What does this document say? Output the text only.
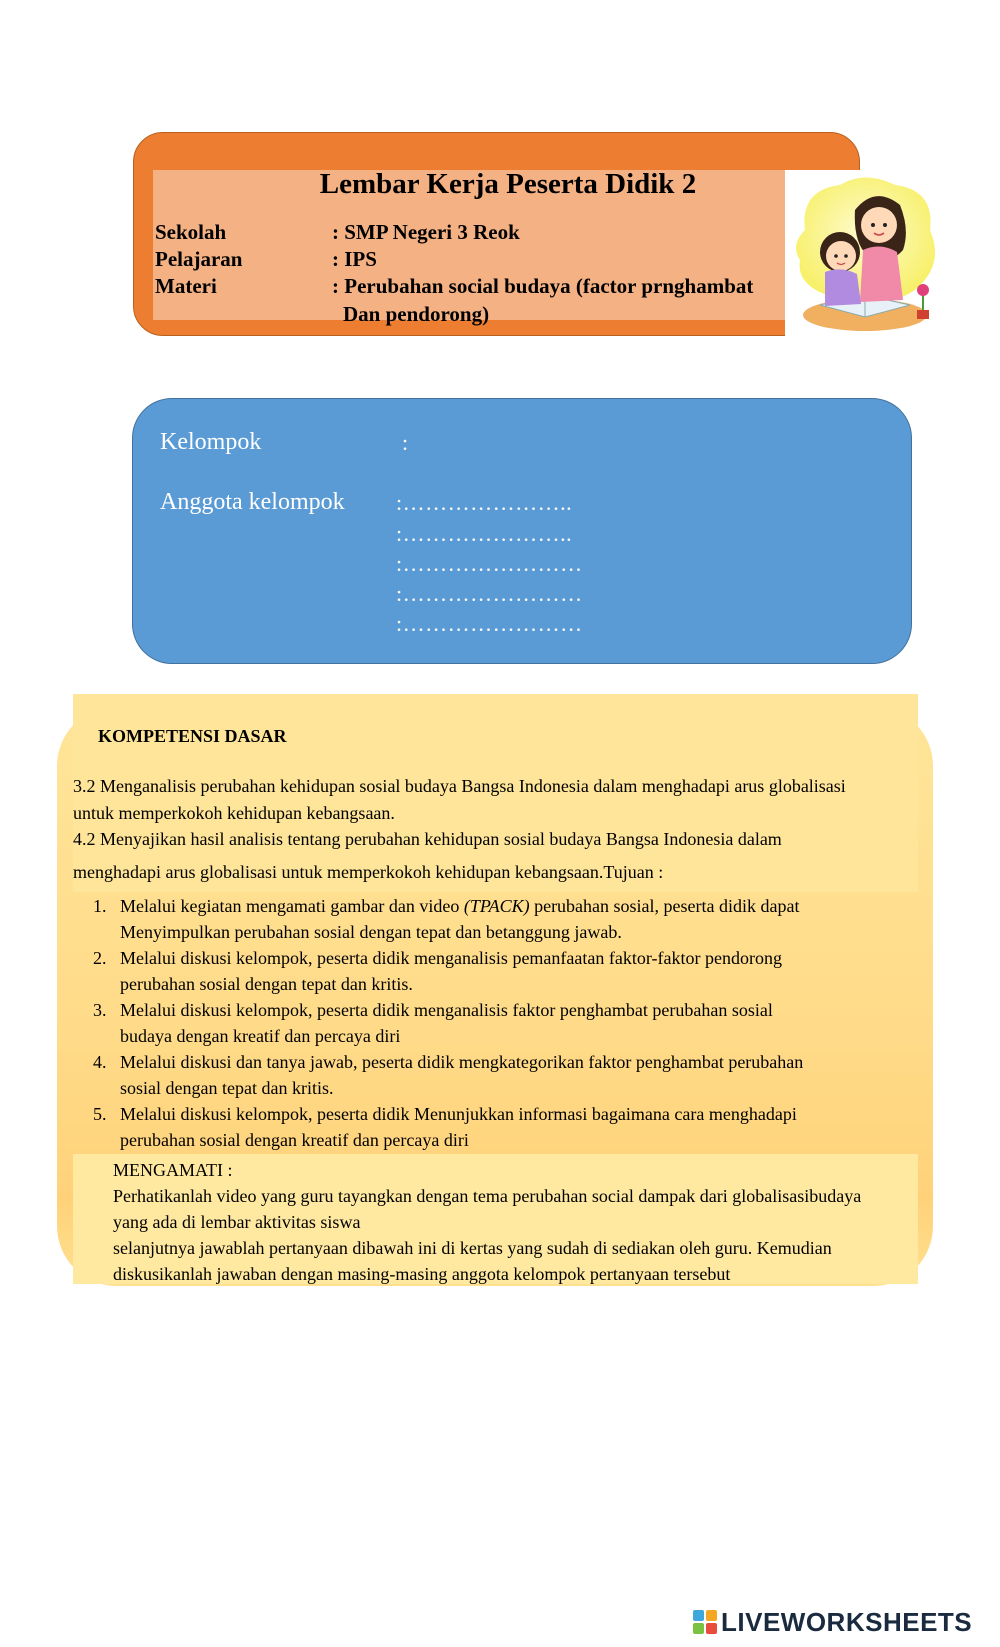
Lembar Kerja Peserta Didik 2
Sekolah	: SMP Negeri 3 Reok
Pelajaran	: IPS
Materi	: Perubahan social budaya (factor prnghambat
Dan pendorong)
Kelompok	:
Anggota kelompok :…………………..
:…………………..
:……………………
:……………………
:……………………
KOMPETENSI DASAR
3.2 Menganalisis perubahan kehidupan sosial budaya Bangsa Indonesia dalam menghadapi arus globalisasi
untuk memperkokoh kehidupan kebangsaan.
4.2 Menyajikan hasil analisis tentang perubahan kehidupan sosial budaya Bangsa Indonesia dalam
menghadapi arus globalisasi untuk memperkokoh kehidupan kebangsaan.Tujuan :
1. Melalui kegiatan mengamati gambar dan video (TPACK) perubahan sosial, peserta didik dapat
Menyimpulkan perubahan sosial dengan tepat dan betanggung jawab.
2. Melalui diskusi kelompok, peserta didik menganalisis pemanfaatan faktor-faktor pendorong
perubahan sosial dengan tepat dan kritis.
3. Melalui diskusi kelompok, peserta didik menganalisis faktor penghambat perubahan sosial
budaya dengan kreatif dan percaya diri
4. Melalui diskusi dan tanya jawab, peserta didik mengkategorikan faktor penghambat perubahan
sosial dengan tepat dan kritis.
5. Melalui diskusi kelompok, peserta didik Menunjukkan informasi bagaimana cara menghadapi
perubahan sosial dengan kreatif dan percaya diri
MENGAMATI :
Perhatikanlah video yang guru tayangkan dengan tema perubahan social dampak dari globalisasibudaya
yang ada di lembar aktivitas siswa
selanjutnya jawablah pertanyaan dibawah ini di kertas yang sudah di sediakan oleh guru. Kemudian
diskusikanlah jawaban dengan masing-masing anggota kelompok pertanyaan tersebut
LIVEWORKSHEETS
